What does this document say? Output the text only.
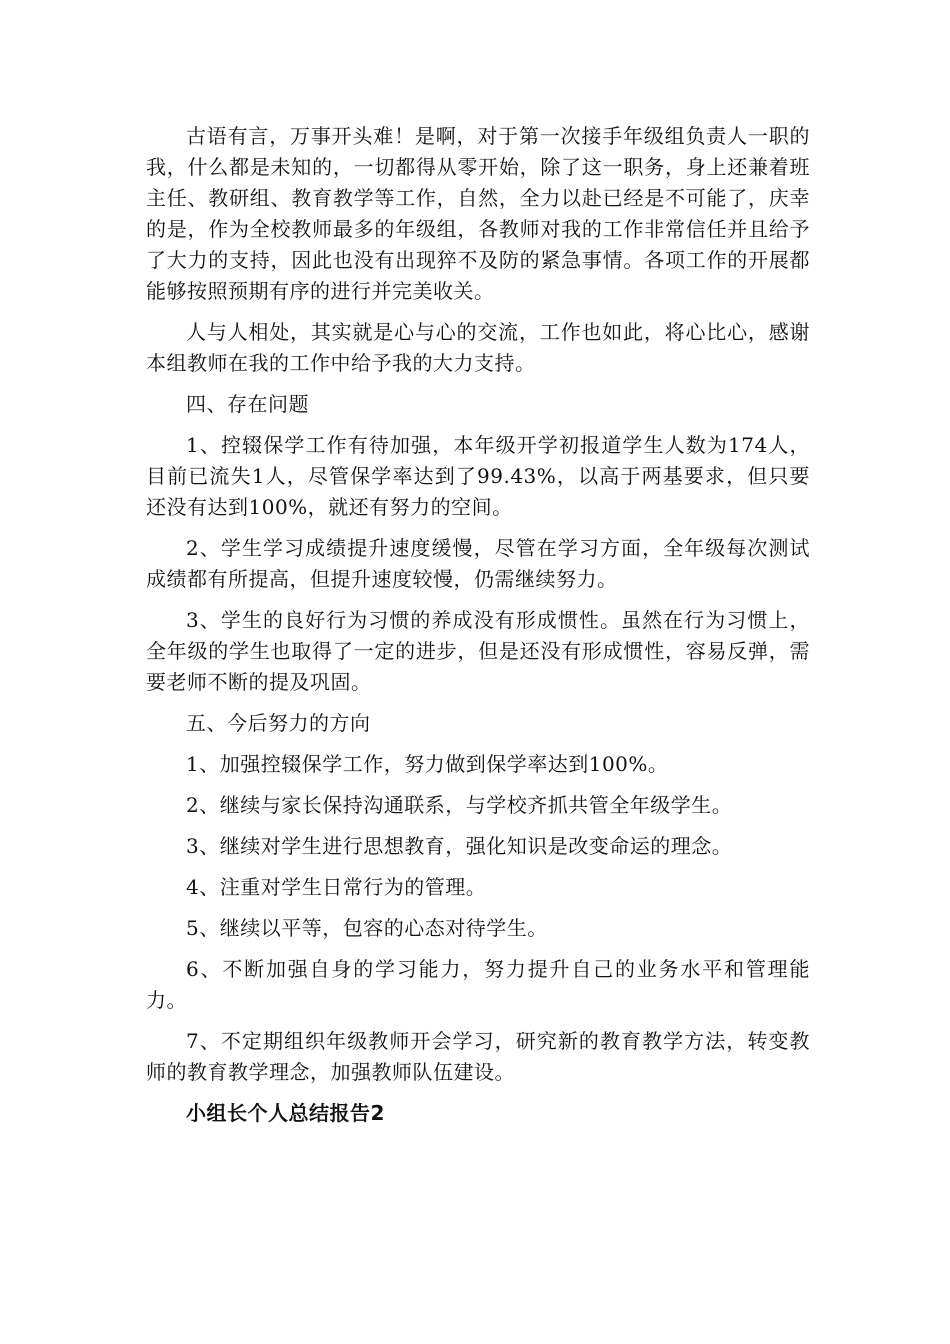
古语有言，万事开头难！是啊，对于第一次接手年级组负责人一职的我，什么都是未知的，一切都得从零开始，除了这一职务，身上还兼着班主任、教研组、教育教学等工作，自然，全力以赴已经是不可能了，庆幸的是，作为全校教师最多的年级组，各教师对我的工作非常信任并且给予了大力的支持，因此也没有出现猝不及防的紧急事情。各项工作的开展都能够按照预期有序的进行并完美收关。

人与人相处，其实就是心与心的交流，工作也如此，将心比心，感谢本组教师在我的工作中给予我的大力支持。

四、存在问题

1、控辍保学工作有待加强，本年级开学初报道学生人数为174人，目前已流失1人，尽管保学率达到了99.43%，以高于两基要求，但只要还没有达到100%，就还有努力的空间。

2、学生学习成绩提升速度缓慢，尽管在学习方面，全年级每次测试成绩都有所提高，但提升速度较慢，仍需继续努力。

3、学生的良好行为习惯的养成没有形成惯性。虽然在行为习惯上，全年级的学生也取得了一定的进步，但是还没有形成惯性，容易反弹，需要老师不断的提及巩固。

五、今后努力的方向

1、加强控辍保学工作，努力做到保学率达到100%。

2、继续与家长保持沟通联系，与学校齐抓共管全年级学生。

3、继续对学生进行思想教育，强化知识是改变命运的理念。

4、注重对学生日常行为的管理。

5、继续以平等，包容的心态对待学生。

6、不断加强自身的学习能力，努力提升自己的业务水平和管理能力。

7、不定期组织年级教师开会学习，研究新的教育教学方法，转变教师的教育教学理念，加强教师队伍建设。

小组长个人总结报告2
